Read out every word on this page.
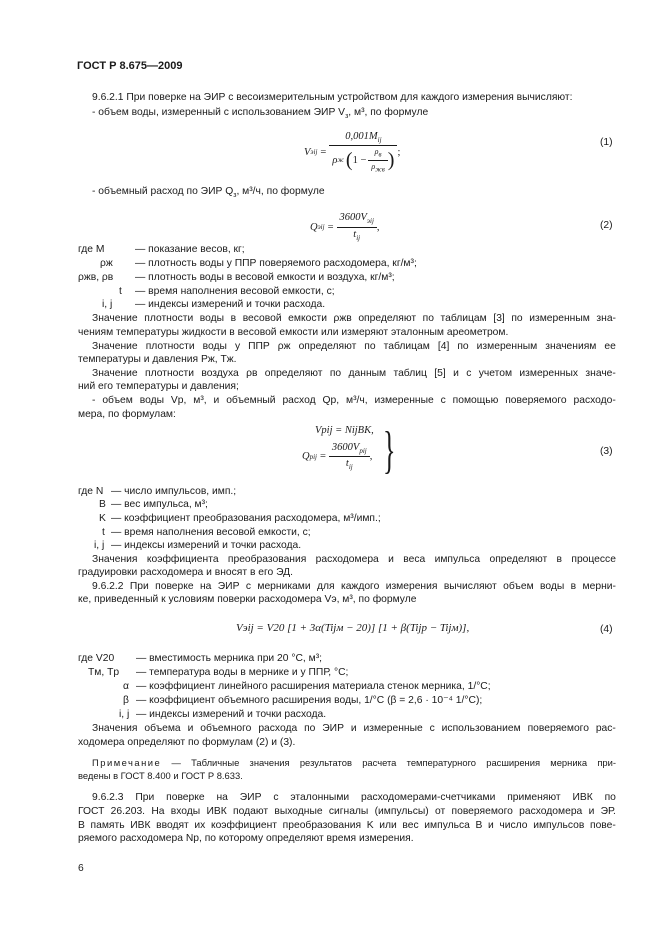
ГОСТ Р 8.675—2009
9.6.2.1 При поверке на ЭИР с весоизмерительным устройством для каждого измерения вычисляют:
- объем воды, измеренный с использованием ЭИР $V_з$, м³, по формуле
V эij =
$0,001M_{ij}$
ρ ж ( $1 - \frac{\rho_в}{\rho_{жв}}$ ) ;
(1)
- объемный расход по ЭИР $Q_з$, м³/ч, по формуле
Q эij = $\frac{3600V_{эij}}{t_{ij}}$ ,	(2)
где M	— показание весов, кг;
ρж — плотность воды у ППР поверяемого расходомера, кг/м³;
ρжв, ρв — плотность воды в весовой емкости и воздуха, кг/м³;
t — время наполнения весовой емкости, с;
i, j — индексы измерений и точки расхода.
Значение плотности воды в весовой емкости ρжв определяют по таблицам [3] по измеренным зна-
чениям температуры жидкости в весовой емкости или измеряют эталонным ареометром.
Значение плотности воды у ППР ρж определяют по таблицам [4] по измеренным значениям ее
температуры и давления Pж, Tж.
Значение плотности воздуха ρв определяют по данным таблиц [5] и с учетом измеренных значе-
ний его температуры и давления;
- объем воды Vр, м³, и объемный расход Qр, м³/ч, измеренные с помощью поверяемого расходо-
мера, по формулам:
Vрij = NijBK,
Q рij = $\frac{3600V_{рij}}{t_{ij}}$ , }	(3)
где N — число импульсов, имп.;
B — вес импульса, м³;
K — коэффициент преобразования расходомера, м³/имп.;
t — время наполнения весовой емкости, с;
i, j — индексы измерений и точки расхода.
Значения коэффициента преобразования расходомера и веса импульса определяют в процессе
градуировки расходомера и вносят в его ЭД.
9.6.2.2 При поверке на ЭИР с мерниками для каждого измерения вычисляют объем воды в мерни-
ке, приведенный к условиям поверки расходомера Vэ, м³, по формуле
Vэij = V20 [1 + 3α(Tijм − 20)] [1 + β(Tijр − Tijм)],	(4)
где V20 — вместимость мерника при 20 °С, м³;
Tм, Tр — температура воды в мернике и у ППР, °С;
α — коэффициент линейного расширения материала стенок мерника, 1/°С;
β — коэффициент объемного расширения воды, 1/°С (β = 2,6 · 10⁻⁴ 1/°С);
i, j — индексы измерений и точки расхода.
Значения объема и объемного расхода по ЭИР и измеренные с использованием поверяемого рас-
ходомера определяют по формулам (2) и (3).
Примечание — Табличные значения результатов расчета температурного расширения мерника при-
ведены в ГОСТ 8.400 и ГОСТ Р 8.633.
9.6.2.3 При поверке на ЭИР с эталонными расходомерами-счетчиками применяют ИВК по
ГОСТ 26.203. На входы ИВК подают выходные сигналы (импульсы) от поверяемого расходомера и ЭР.
В память ИВК вводят их коэффициент преобразования K или вес импульса B и число импульсов пове-
ряемого расходомера Nр, по которому определяют время измерения.
6
